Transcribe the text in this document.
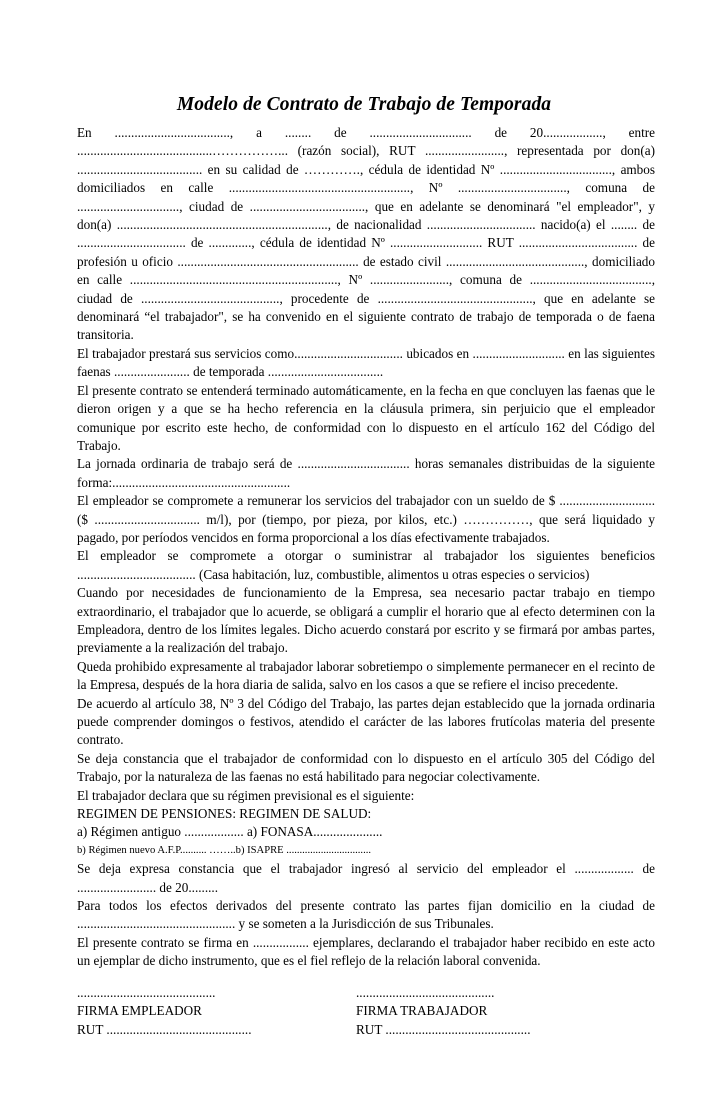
Modelo de Contrato de Trabajo de Temporada

En ..................................., a ........ de ............................... de 20.................., entre .........................................……………... (razón social), RUT ........................, representada por don(a) ...................................... en su calidad de …………., cédula de identidad Nº .................................., ambos domiciliados en calle ......................................................., Nº ................................., comuna de ..............................., ciudad de ..................................., que en adelante se denominará "el empleador", y don(a) ................................................................, de nacionalidad ................................. nacido(a) el ........ de ................................. de ............., cédula de identidad Nº ............................ RUT .................................... de profesión u oficio ....................................................... de estado civil .........................................., domiciliado en calle ..............................................................., Nº ........................, comuna de ....................................., ciudad de .........................................., procedente de ..............................................., que en adelante se denominará “el trabajador", se ha convenido en el siguiente contrato de trabajo de temporada o de faena transitoria.

El trabajador prestará sus servicios como................................. ubicados en ............................ en las siguientes faenas ....................... de temporada ...................................

El presente contrato se entenderá terminado automáticamente, en la fecha en que concluyen las faenas que le dieron origen y a que se ha hecho referencia en la cláusula primera, sin perjuicio que el empleador comunique por escrito este hecho, de conformidad con lo dispuesto en el artículo 162 del Código del Trabajo.

La jornada ordinaria de trabajo será de .................................. horas semanales distribuidas de la siguiente forma:......................................................

El empleador se compromete a remunerar los servicios del trabajador con un sueldo de $ ............................. ($ ................................ m/l), por (tiempo, por pieza, por kilos, etc.) ……………, que será liquidado y pagado, por períodos vencidos en forma proporcional a los días efectivamente trabajados.

El empleador se compromete a otorgar o suministrar al trabajador los siguientes beneficios .................................... (Casa habitación, luz, combustible, alimentos u otras especies o servicios)

Cuando por necesidades de funcionamiento de la Empresa, sea necesario pactar trabajo en tiempo extraordinario, el trabajador que lo acuerde, se obligará a cumplir el horario que al efecto determinen con la Empleadora, dentro de los límites legales. Dicho acuerdo constará por escrito y se firmará por ambas partes, previamente a la realización del trabajo.

Queda prohibido expresamente al trabajador laborar sobretiempo o simplemente permanecer en el recinto de la Empresa, después de la hora diaria de salida, salvo en los casos a que se refiere el inciso precedente.

De acuerdo al artículo 38, Nº 3 del Código del Trabajo, las partes dejan establecido que la jornada ordinaria puede comprender domingos o festivos, atendido el carácter de las labores frutícolas materia del presente contrato.

Se deja constancia que el trabajador de conformidad con lo dispuesto en el artículo 305 del Código del Trabajo, por la naturaleza de las faenas no está habilitado para negociar colectivamente.

El trabajador declara que su régimen previsional es el siguiente:

REGIMEN DE PENSIONES: REGIMEN DE SALUD:

a) Régimen antiguo .................. a) FONASA.....................

b) Régimen nuevo A.F.P.......... ……..b) ISAPRE ................................

Se deja expresa constancia que el trabajador ingresó al servicio del empleador el .................. de ........................ de 20.........

Para todos los efectos derivados del presente contrato las partes fijan domicilio en la ciudad de ................................................ y se someten a la Jurisdicción de sus Tribunales.

El presente contrato se firma en ................. ejemplares, declarando el trabajador haber recibido en este acto un ejemplar de dicho instrumento, que es el fiel reflejo de la relación laboral convenida.

..........................................
FIRMA EMPLEADOR
RUT ............................................
..........................................
FIRMA TRABAJADOR
RUT ............................................
